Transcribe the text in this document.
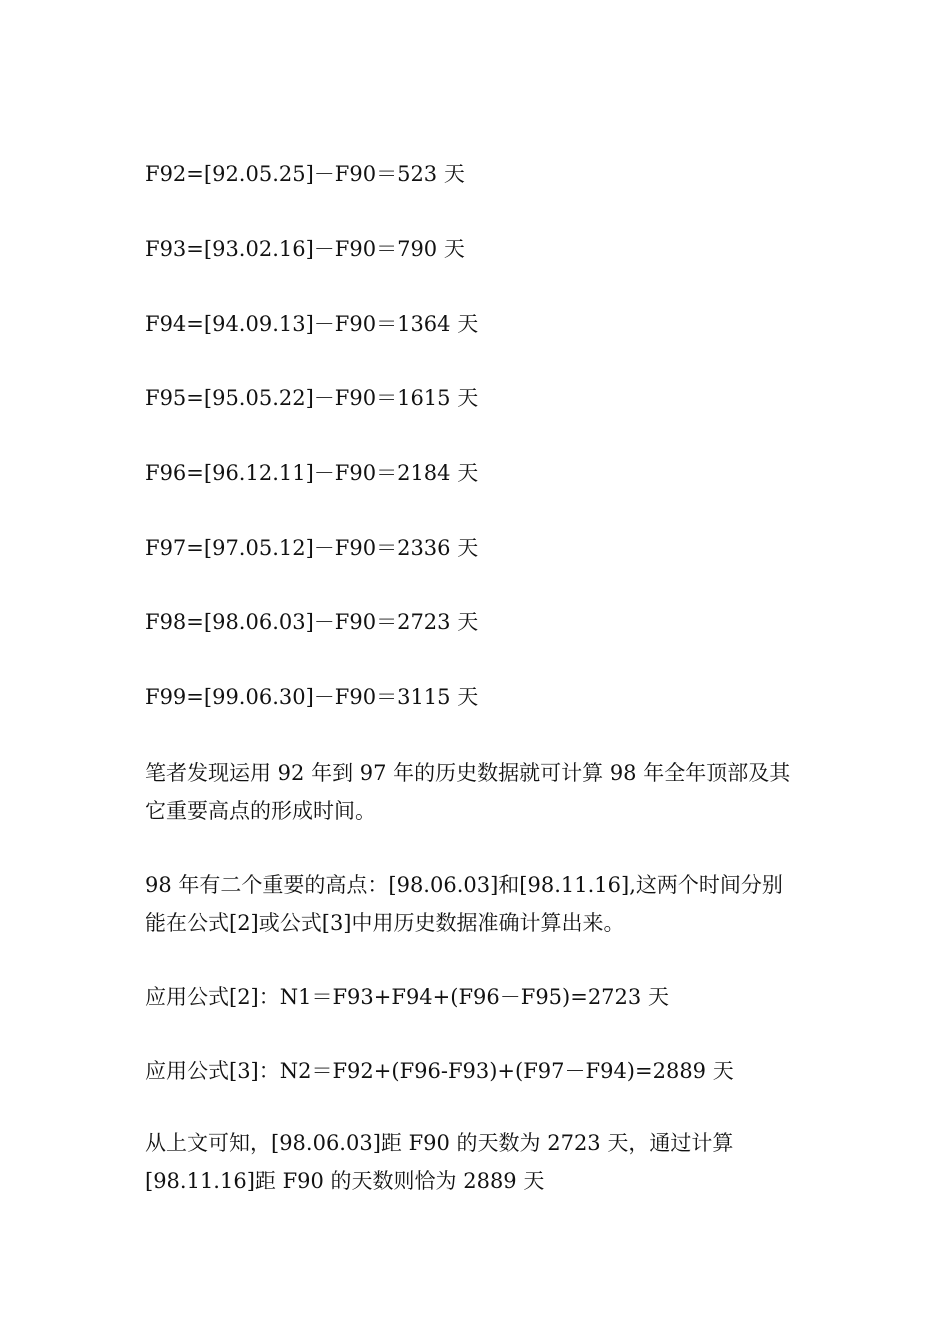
F92=[92.05.25]－F90＝523 天
F93=[93.02.16]－F90＝790 天
F94=[94.09.13]－F90＝1364 天
F95=[95.05.22]－F90＝1615 天
F96=[96.12.11]－F90＝2184 天
F97=[97.05.12]－F90＝2336 天
F98=[98.06.03]－F90＝2723 天
F99=[99.06.30]－F90＝3115 天
笔者发现运用 92 年到 97 年的历史数据就可计算 98 年全年顶部及其
它重要高点的形成时间。
98 年有二个重要的高点：[98.06.03]和[98.11.16],这两个时间分别
能在公式[2]或公式[3]中用历史数据准确计算出来。
应用公式[2]：N1＝F93+F94+(F96－F95)=2723 天
应用公式[3]：N2＝F92+(F96-F93)+(F97－F94)=2889 天
从上文可知，[98.06.03]距 F90 的天数为 2723 天，通过计算
[98.11.16]距 F90 的天数则恰为 2889 天
